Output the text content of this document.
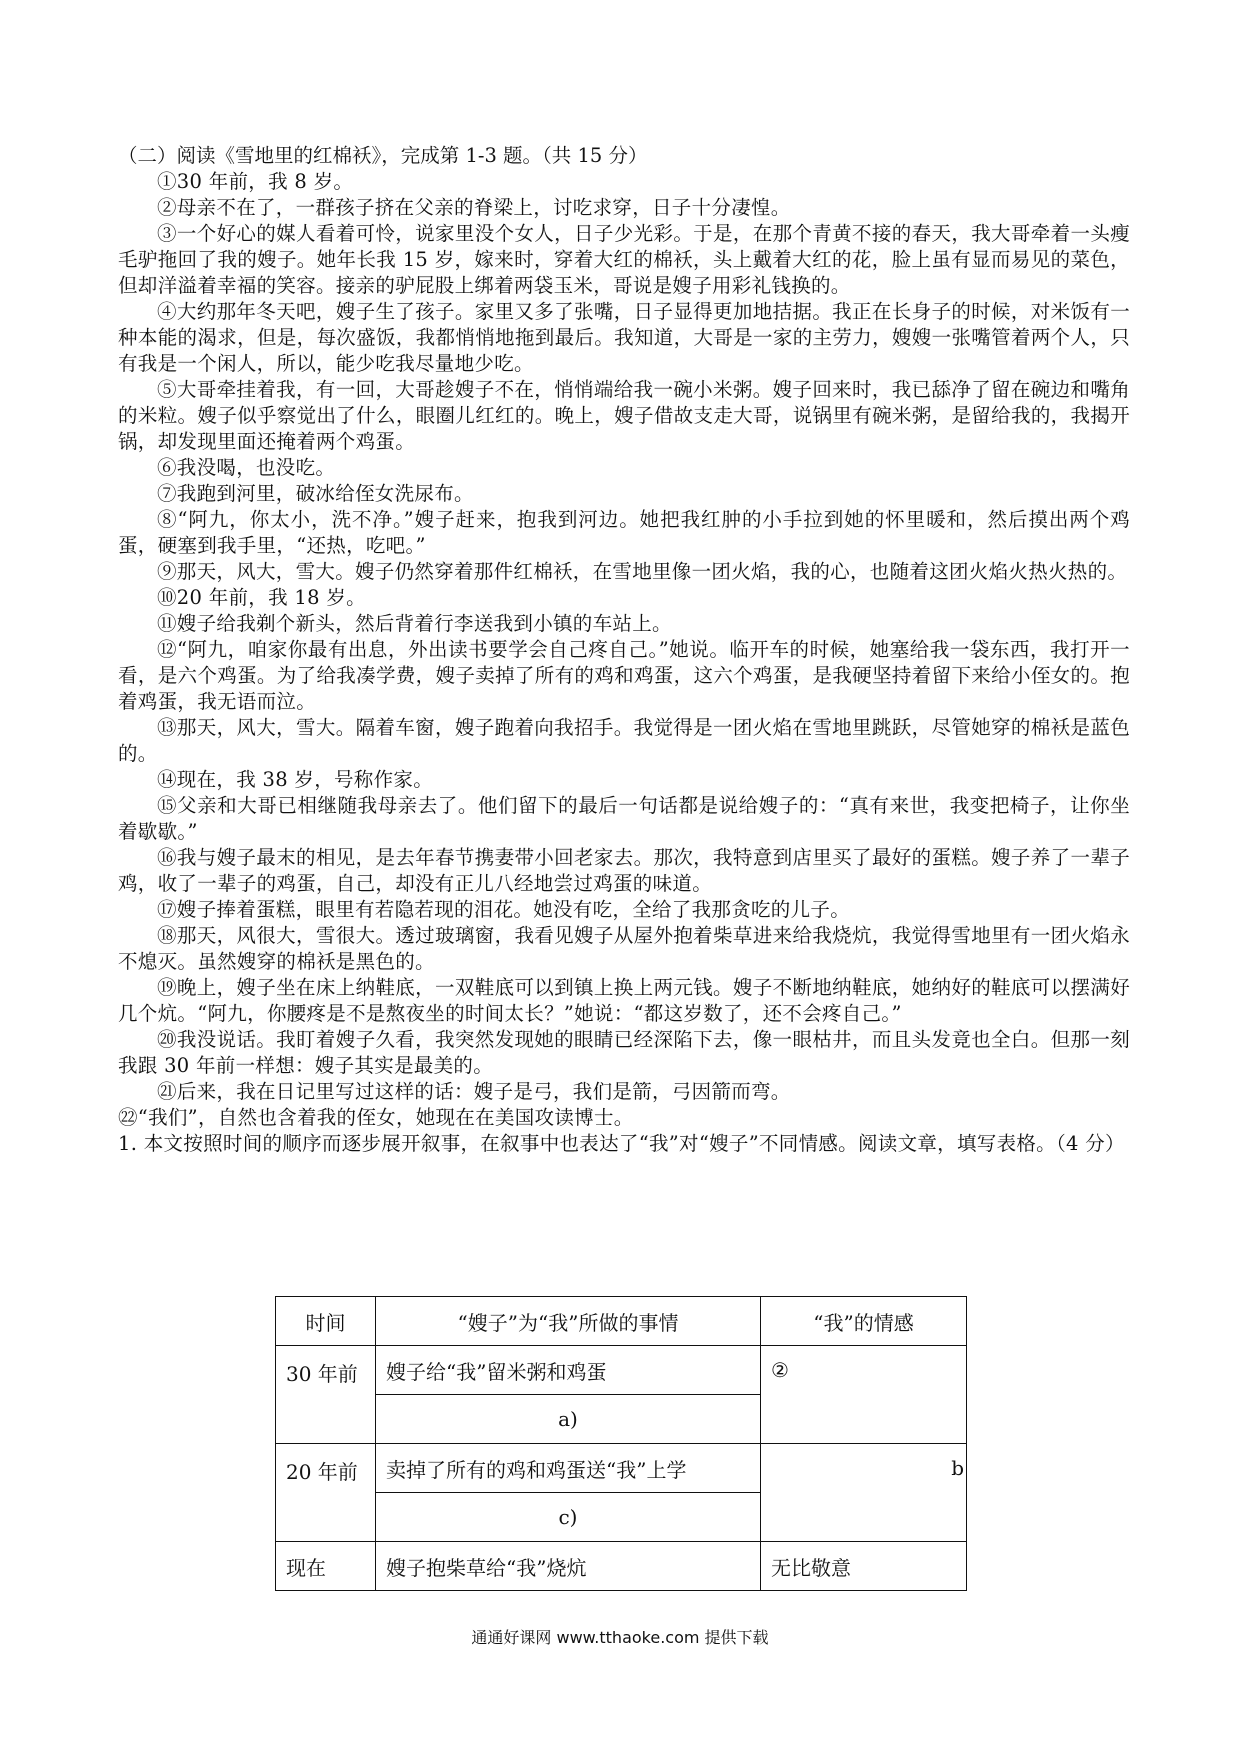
（二）阅读《雪地里的红棉袄》，完成第 1-3 题。（共 15 分）

①30 年前，我 8 岁。

②母亲不在了，一群孩子挤在父亲的脊梁上，讨吃求穿，日子十分凄惶。

③一个好心的媒人看着可怜，说家里没个女人，日子少光彩。于是，在那个青黄不接的春天，我大哥牵着一头瘦毛驴拖回了我的嫂子。她年长我 15 岁，嫁来时，穿着大红的棉袄，头上戴着大红的花，脸上虽有显而易见的菜色，但却洋溢着幸福的笑容。接亲的驴屁股上绑着两袋玉米，哥说是嫂子用彩礼钱换的。

④大约那年冬天吧，嫂子生了孩子。家里又多了张嘴，日子显得更加地拮据。我正在长身子的时候，对米饭有一种本能的渴求，但是，每次盛饭，我都悄悄地拖到最后。我知道，大哥是一家的主劳力，嫂嫂一张嘴管着两个人，只有我是一个闲人，所以，能少吃我尽量地少吃。

⑤大哥牵挂着我，有一回，大哥趁嫂子不在，悄悄端给我一碗小米粥。嫂子回来时，我已舔净了留在碗边和嘴角的米粒。嫂子似乎察觉出了什么，眼圈儿红红的。晚上，嫂子借故支走大哥，说锅里有碗米粥，是留给我的，我揭开锅，却发现里面还掩着两个鸡蛋。

⑥我没喝，也没吃。

⑦我跑到河里，破冰给侄女洗尿布。

⑧“阿九，你太小，洗不净。”嫂子赶来，抱我到河边。她把我红肿的小手拉到她的怀里暖和，然后摸出两个鸡蛋，硬塞到我手里，“还热，吃吧。”

⑨那天，风大，雪大。嫂子仍然穿着那件红棉袄，在雪地里像一团火焰，我的心，也随着这团火焰火热火热的。

⑩20 年前，我 18 岁。

⑪嫂子给我剃个新头，然后背着行李送我到小镇的车站上。

⑫“阿九，咱家你最有出息，外出读书要学会自己疼自己。”她说。临开车的时候，她塞给我一袋东西，我打开一看，是六个鸡蛋。为了给我凑学费，嫂子卖掉了所有的鸡和鸡蛋，这六个鸡蛋，是我硬坚持着留下来给小侄女的。抱着鸡蛋，我无语而泣。

⑬那天，风大，雪大。隔着车窗，嫂子跑着向我招手。我觉得是一团火焰在雪地里跳跃，尽管她穿的棉袄是蓝色的。

⑭现在，我 38 岁，号称作家。

⑮父亲和大哥已相继随我母亲去了。他们留下的最后一句话都是说给嫂子的：“真有来世，我变把椅子，让你坐着歇歇。”

⑯我与嫂子最末的相见，是去年春节携妻带小回老家去。那次，我特意到店里买了最好的蛋糕。嫂子养了一辈子鸡，收了一辈子的鸡蛋，自己，却没有正儿八经地尝过鸡蛋的味道。

⑰嫂子捧着蛋糕，眼里有若隐若现的泪花。她没有吃，全给了我那贪吃的儿子。

⑱那天，风很大，雪很大。透过玻璃窗，我看见嫂子从屋外抱着柴草进来给我烧炕，我觉得雪地里有一团火焰永不熄灭。虽然嫂穿的棉袄是黑色的。

⑲晚上，嫂子坐在床上纳鞋底，一双鞋底可以到镇上换上两元钱。嫂子不断地纳鞋底，她纳好的鞋底可以摆满好几个炕。“阿九，你腰疼是不是熬夜坐的时间太长？”她说：“都这岁数了，还不会疼自己。”

⑳我没说话。我盯着嫂子久看，我突然发现她的眼睛已经深陷下去，像一眼枯井，而且头发竟也全白。但那一刻我跟 30 年前一样想：嫂子其实是最美的。

㉑后来，我在日记里写过这样的话：嫂子是弓，我们是箭，弓因箭而弯。

㉒“我们”，自然也含着我的侄女，她现在在美国攻读博士。

1. 本文按照时间的顺序而逐步展开叙事，在叙事中也表达了“我”对“嫂子”不同情感。阅读文章，填写表格。（4 分）

时间	“嫂子”为“我”所做的事情	“我”的情感
30 年前	嫂子给“我”留米粥和鸡蛋	②
	a)	
20 年前	卖掉了所有的鸡和鸡蛋送“我”上学	b
	c)	
现在	嫂子抱柴草给“我”烧炕	无比敬意
通通好课网 www.tthaoke.com 提供下载
